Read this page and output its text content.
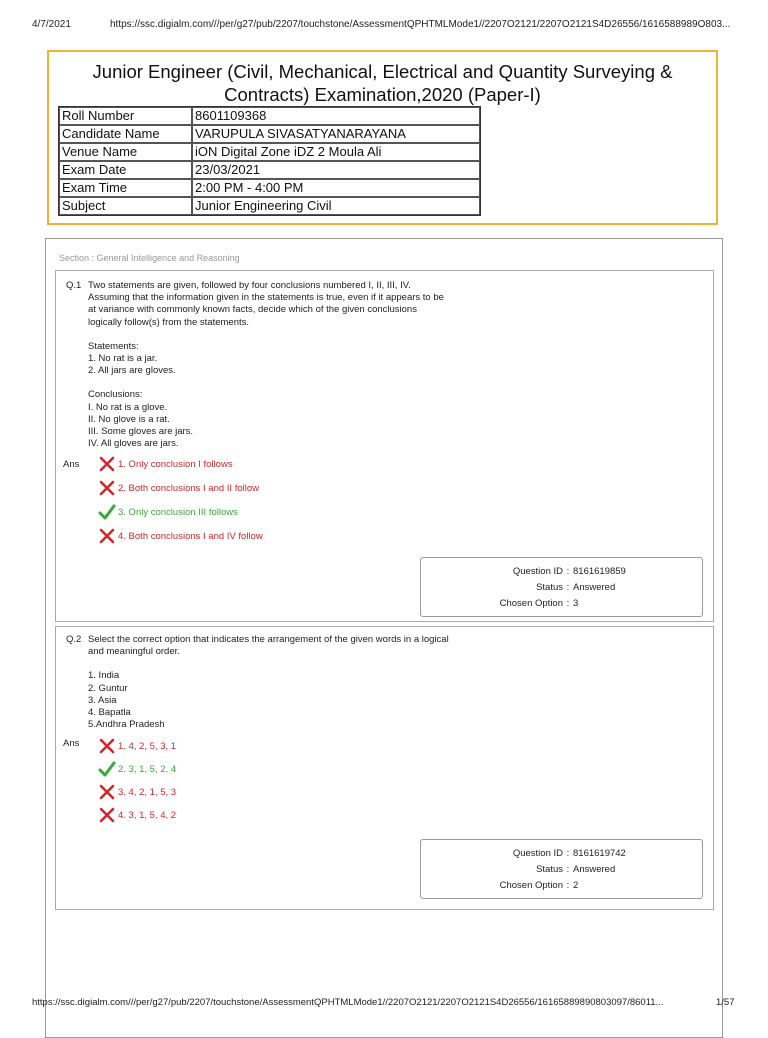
4/7/2021	https://ssc.digialm.com///per/g27/pub/2207/touchstone/AssessmentQPHTMLMode1//2207O2121/2207O2121S4D26556/1616588989O803...
Junior Engineer (Civil, Mechanical, Electrical and Quantity Surveying &
Contracts) Examination,2020 (Paper-I)
Roll Number	8601109368
Candidate Name	VARUPULA SIVASATYANARAYANA
Venue Name	iON Digital Zone iDZ 2 Moula Ali
Exam Date	23/03/2021
Exam Time	2:00 PM - 4:00 PM
Subject	Junior Engineering Civil
Section : General Intelligence and Reasoning
Q.1 Two statements are given, followed by four conclusions numbered I, II, III, IV.

Assuming that the information given in the statements is true, even if it appears to be

at variance with commonly known facts, decide which of the given conclusions

logically follow(s) from the statements.

Statements:

1. No rat is a jar.

2. All jars are gloves.

Conclusions:

I. No rat is a glove.

II. No glove is a rat.

III. Some gloves are jars.

IV. All gloves are jars.

Ans	1. Only conclusion I follows
2. Both conclusions I and II follow
3. Only conclusion III follows
4. Both conclusions I and IV follow
Question ID : 8161619859
Status : Answered
Chosen Option : 3
Q.2 Select the correct option that indicates the arrangement of the given words in a logical

and meaningful order.

1. India

2. Guntur

3. Asia

4. Bapatla

5.Andhra Pradesh

Ans	1. 4, 2, 5, 3, 1
2. 3, 1, 5, 2, 4
3. 4, 2, 1, 5, 3
4. 3, 1, 5, 4, 2
Question ID : 8161619742
Status : Answered
Chosen Option : 2
https://ssc.digialm.com///per/g27/pub/2207/touchstone/AssessmentQPHTMLMode1//2207O2121/2207O2121S4D26556/16165889890803097/86011...	1/57
